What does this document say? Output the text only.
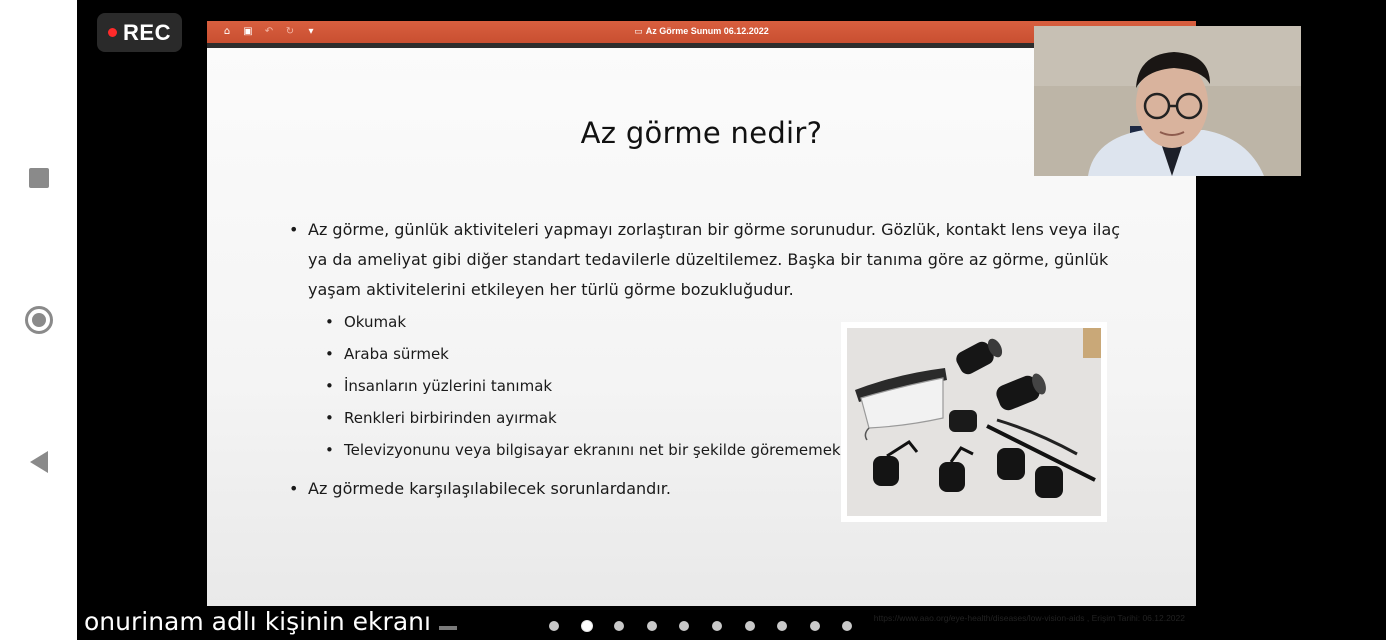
REC	⌂ ▣ ↶ ↻	▾	▭ Az Görme Sunum 06.12.2022
Az görme nedir?
• Az görme, günlük aktiviteleri yapmayı zorlaştıran bir görme sorunudur. Gözlük, kontakt lens veya ilaç ya da ameliyat gibi diğer standart tedavilerle düzeltilemez. Başka bir tanıma göre az görme, günlük yaşam aktivitelerini etkileyen her türlü görme bozukluğudur.
• Okumak
• Araba sürmek
• İnsanların yüzlerini tanımak
• Renkleri birbirinden ayırmak
• Televizyonunu veya bilgisayar ekranını net bir şekilde görememek
• Az görmede karşılaşılabilecek sorunlardandır.
https://www.aao.org/eye-health/diseases/low-vision-aids , Erişim Tarihi: 06.12.2022
onurinam adlı kişinin ekranı
